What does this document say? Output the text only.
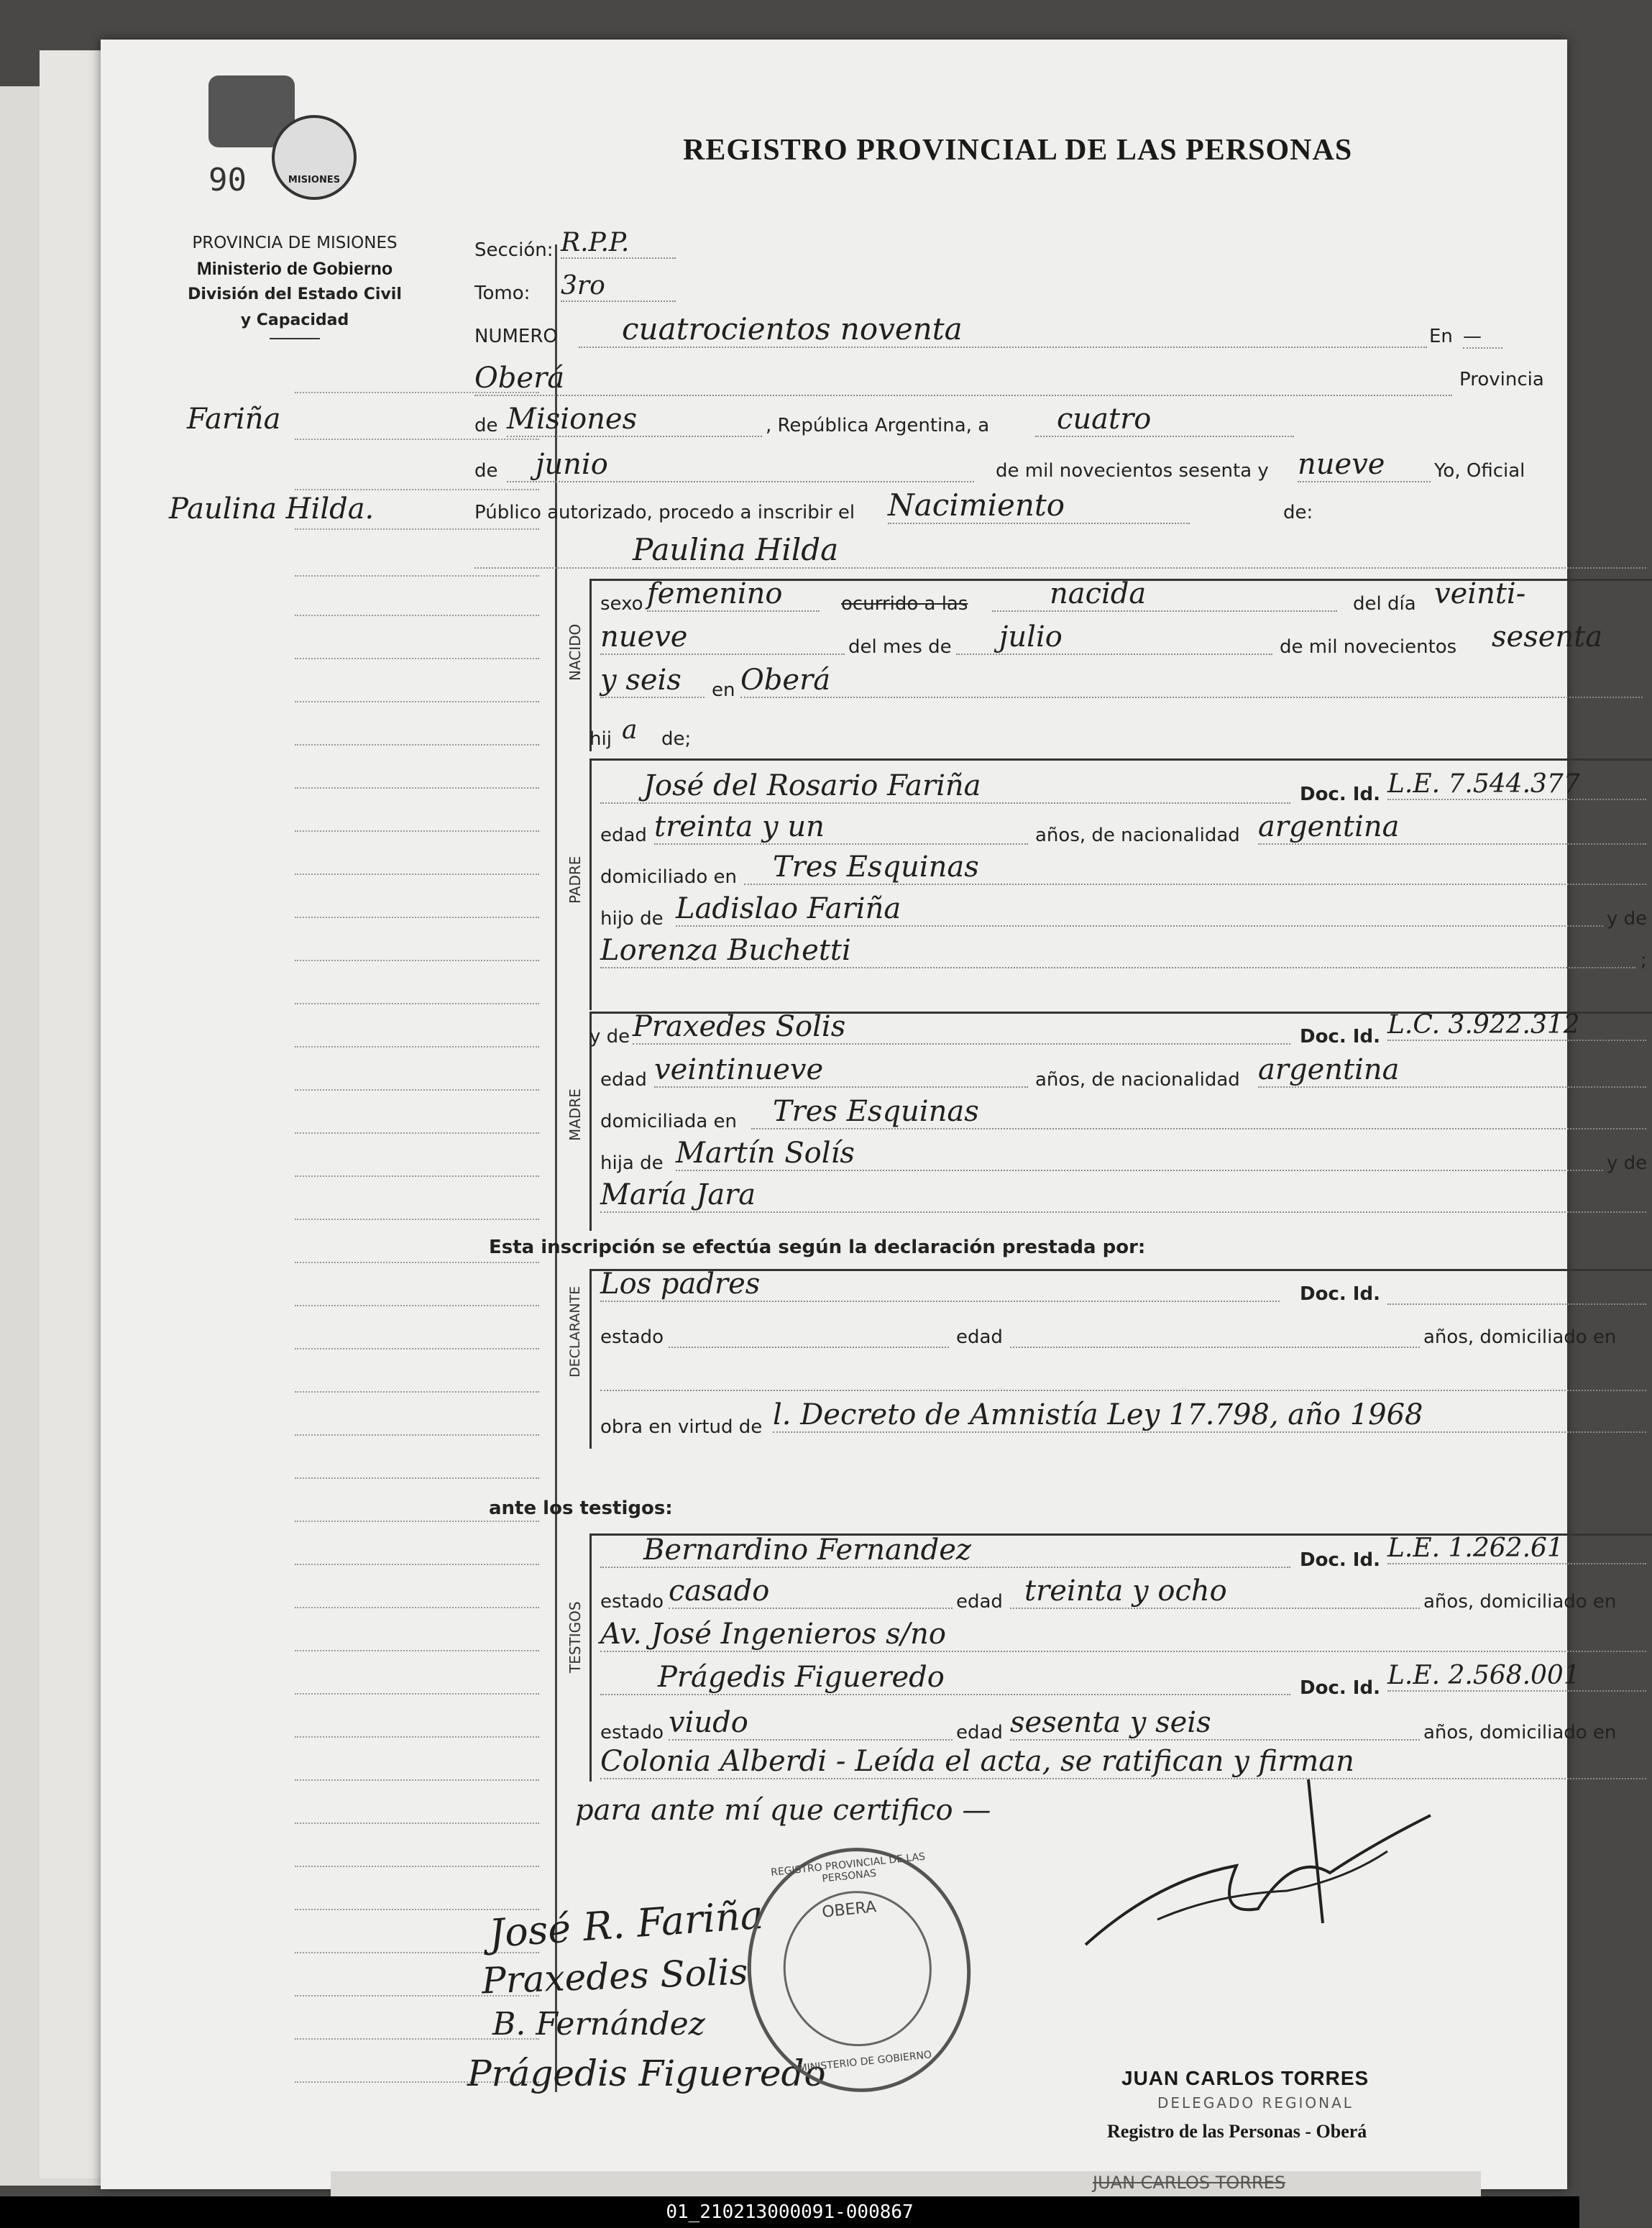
90	MISIONES
PROVINCIA DE MISIONES
Ministerio de Gobierno
División del Estado Civil
y Capacidad
REGISTRO PROVINCIAL DE LAS PERSONAS
Fariña
Paulina Hilda.
Sección: R.P.P.
Tomo: 3ro
NUMERO	cuatrocientos noventa	En —
Oberá	Provincia
de Misiones	, República Argentina, a	cuatro
de	junio	de mil novecientos sesenta y nueve	Yo, Oficial
Público autorizado, procedo a inscribir el Nacimiento	de:
Paulina Hilda
NACIDO
sexo femenino	ocurrido a las	nacida	del día veinti-
nueve	del mes de	julio	de mil novecientos sesenta
y seis	en Oberá
hij a de;
PADRE
José del Rosario Fariña	Doc. Id. L.E. 7.544.377
edad treinta y un	años, de nacionalidad argentina
domiciliado en	Tres Esquinas
hijo de Ladislao Fariña	y de
Lorenza Buchetti	;
MADRE
y de Praxedes Solis	Doc. Id. L.C. 3.922.312
edad veintinueve	años, de nacionalidad argentina
domiciliada en	Tres Esquinas
hija de Martín Solís	y de
María Jara
Esta inscripción se efectúa según la declaración prestada por:
DECLARANTE
Los padres	Doc. Id.
estado	edad	años, domiciliado en
obra en virtud de l. Decreto de Amnistía Ley 17.798, año 1968
ante los testigos:
TESTIGOS
Bernardino Fernandez	Doc. Id. L.E. 1.262.61
estado casado	edad treinta y ocho	años, domiciliado en
Av. José Ingenieros s/no
Prágedis Figueredo	Doc. Id. L.E. 2.568.001
estado viudo	edad sesenta y seis	años, domiciliado en
Colonia Alberdi - Leída el acta, se ratifican y firman
para ante mí que certifico —
José R. Fariña
Praxedes Solis
B. Fernández
Prágedis Figueredo
REGISTRO PROVINCIAL DE LAS PERSONAS
OBERA
MINISTERIO DE GOBIERNO
JUAN CARLOS TORRES
DELEGADO REGIONAL
Registro de las Personas - Oberá
JUAN CARLOS TORRES
01_210213000091-000867
